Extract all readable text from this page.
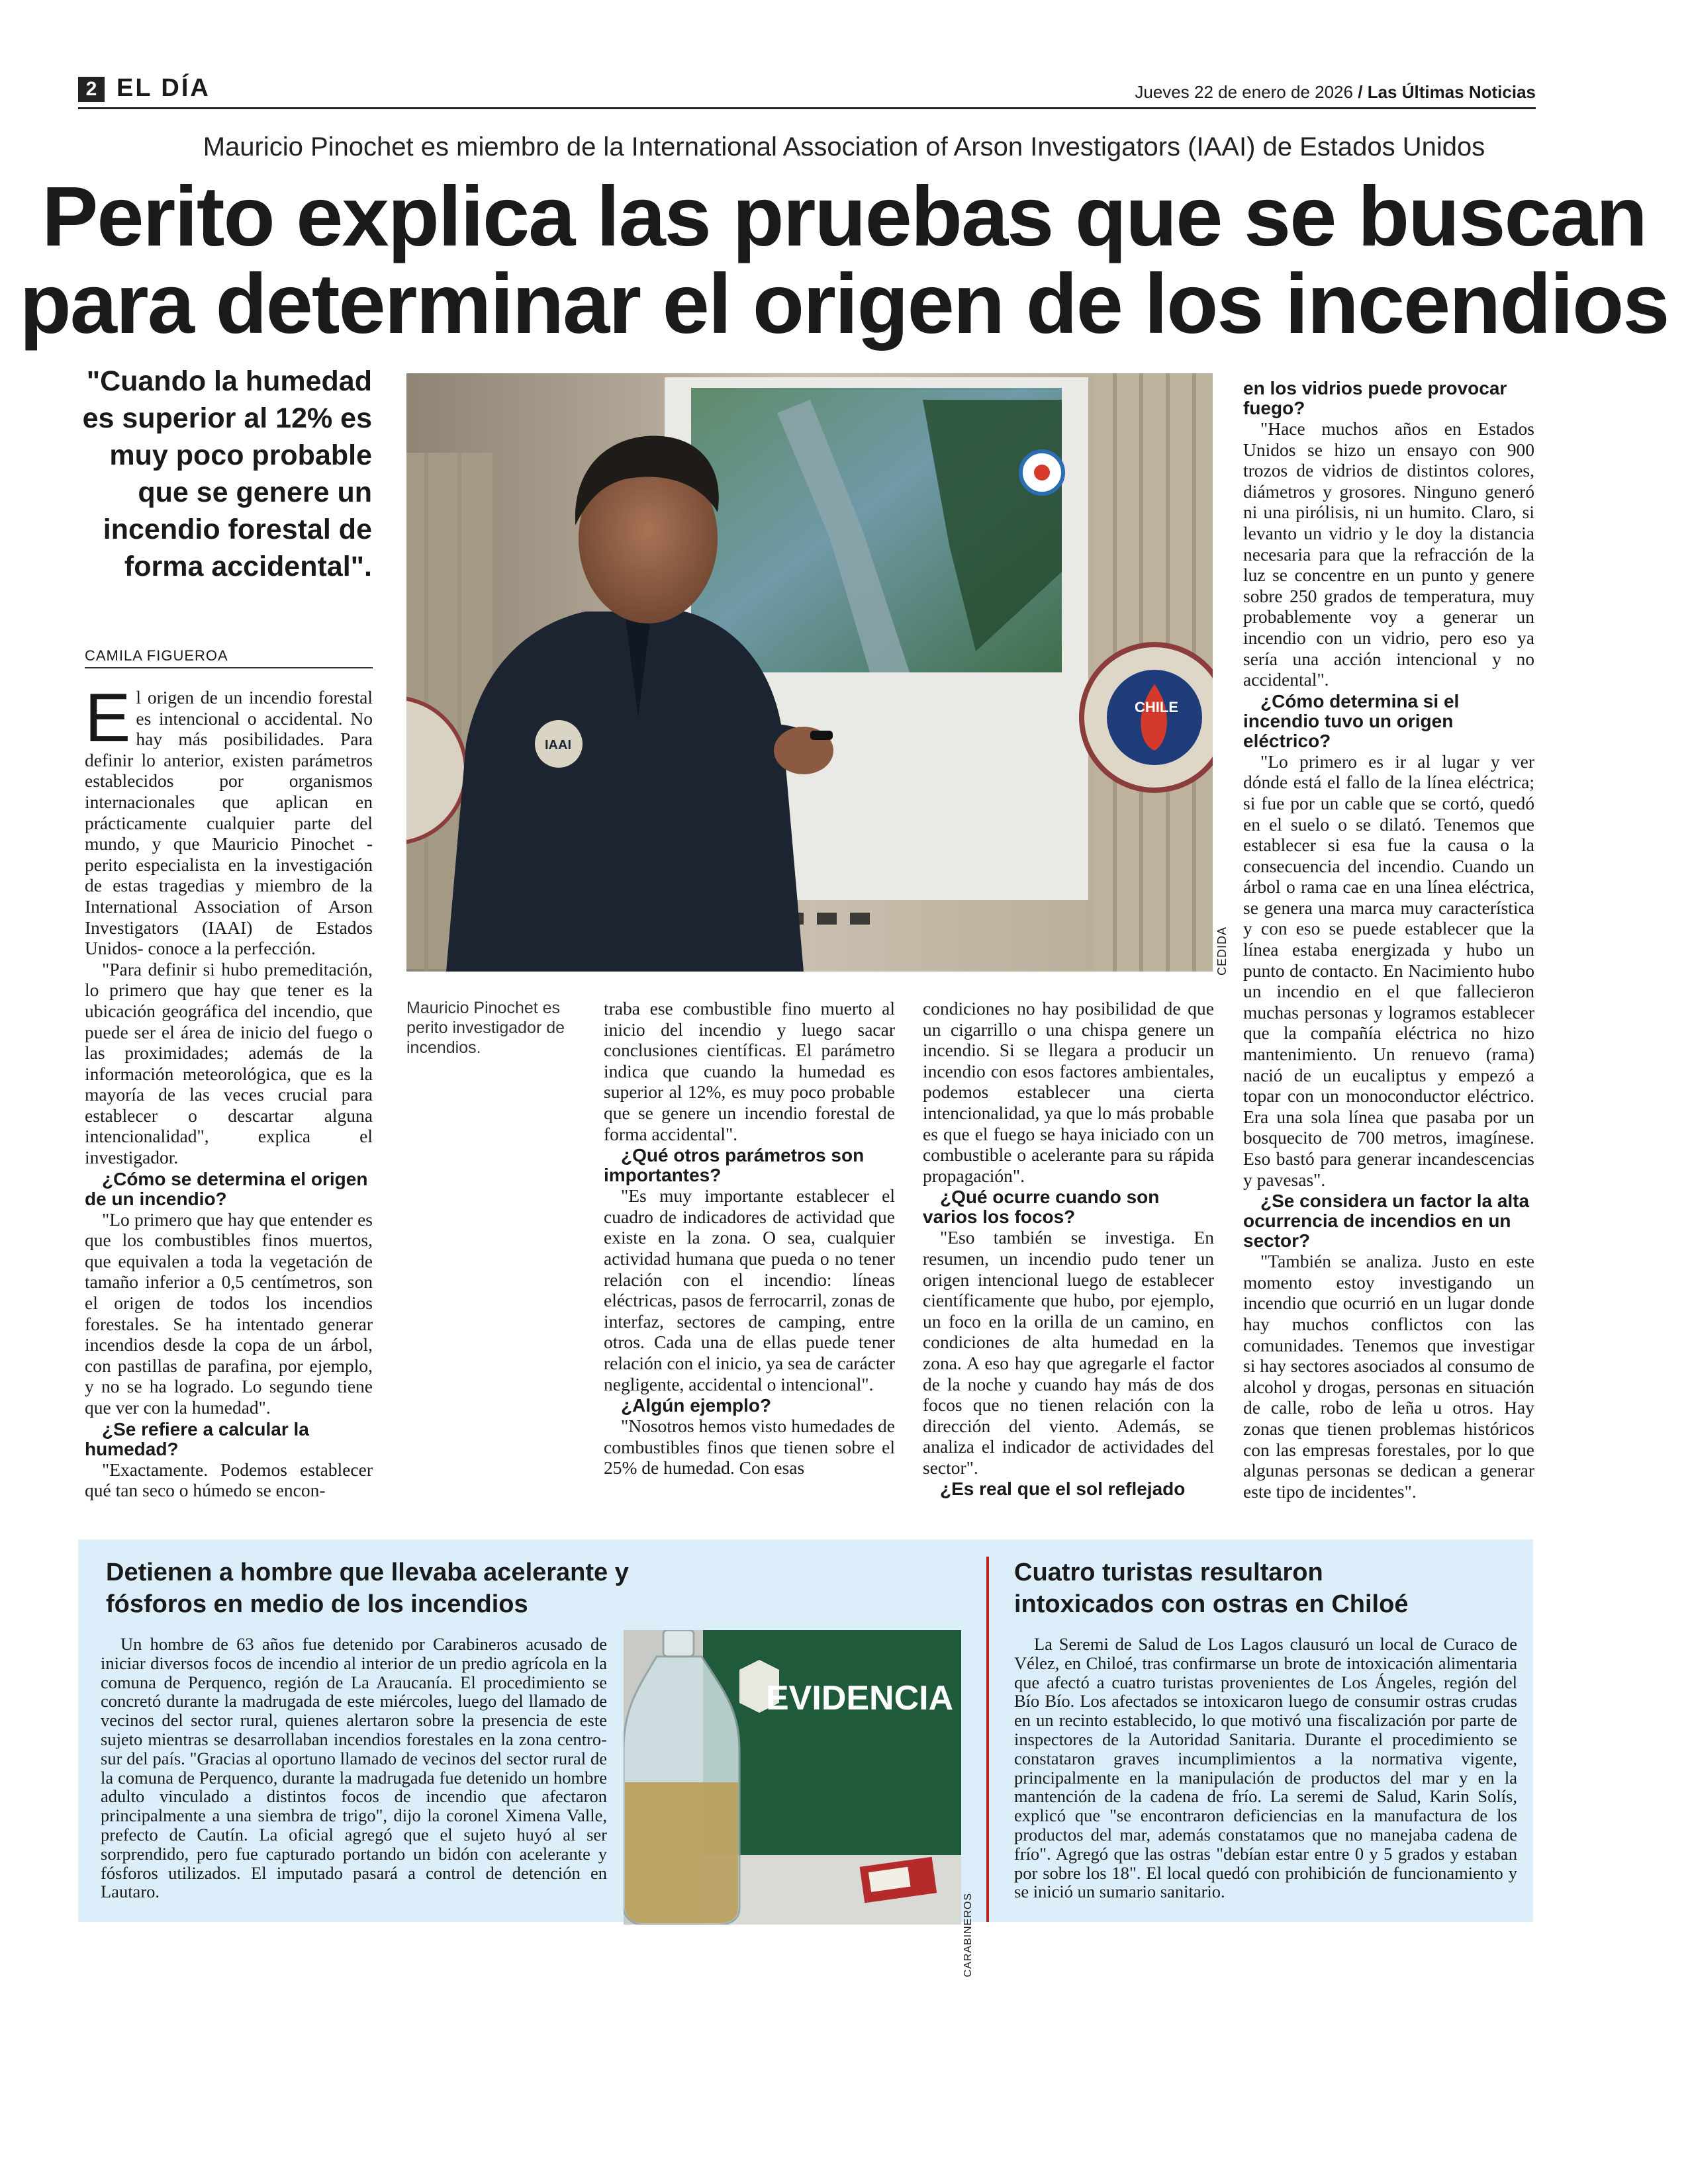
2 EL DÍA	Jueves 22 de enero de 2026 / Las Últimas Noticias
Mauricio Pinochet es miembro de la International Association of Arson Investigators (IAAI) de Estados Unidos
Perito explica las pruebas que se buscan
para determinar el origen de los incendios
"Cuando la humedad es superior al 12% es muy poco probable que se genere un incendio forestal de forma accidental".
CAMILA FIGUEROA

El origen de un incendio forestal es intencional o accidental. No hay más posibilidades. Para definir lo anterior, existen parámetros establecidos por organismos internacionales que aplican en prácticamente cualquier parte del mundo, y que Mauricio Pinochet -perito especialista en la investigación de estas tragedias y miembro de la International Association of Arson Investigators (IAAI) de Estados Unidos- conoce a la perfección.

"Para definir si hubo premeditación, lo primero que hay que tener es la ubicación geográfica del incendio, que puede ser el área de inicio del fuego o las proximidades; además de la información meteorológica, que es la mayoría de las veces crucial para establecer o descartar alguna intencionalidad", explica el investigador.

¿Cómo se determina el origen de un incendio?

"Lo primero que hay que entender es que los combustibles finos muertos, que equivalen a toda la vegetación de tamaño inferior a 0,5 centímetros, son el origen de todos los incendios forestales. Se ha intentado generar incendios desde la copa de un árbol, con pastillas de parafina, por ejemplo, y no se ha logrado. Lo segundo tiene que ver con la humedad".

¿Se refiere a calcular la humedad?

"Exactamente. Podemos establecer qué tan seco o húmedo se encon-

CHILE
IAAI
CEDIDA
Mauricio Pinochet es perito investigador de incendios.

traba ese combustible fino muerto al inicio del incendio y luego sacar conclusiones científicas. El parámetro indica que cuando la humedad es superior al 12%, es muy poco probable que se genere un incendio forestal de forma accidental".

¿Qué otros parámetros son importantes?

"Es muy importante establecer el cuadro de indicadores de actividad que existe en la zona. O sea, cualquier actividad humana que pueda o no tener relación con el incendio: líneas eléctricas, pasos de ferrocarril, zonas de interfaz, sectores de camping, entre otros. Cada una de ellas puede tener relación con el inicio, ya sea de carácter negligente, accidental o intencional".

¿Algún ejemplo?

"Nosotros hemos visto humedades de combustibles finos que tienen sobre el 25% de humedad. Con esas

condiciones no hay posibilidad de que un cigarrillo o una chispa genere un incendio. Si se llegara a producir un incendio con esos factores ambientales, podemos establecer una cierta intencionalidad, ya que lo más probable es que el fuego se haya iniciado con un combustible o acelerante para su rápida propagación".

¿Qué ocurre cuando son varios los focos?

"Eso también se investiga. En resumen, un incendio pudo tener un origen intencional luego de establecer científicamente que hubo, por ejemplo, un foco en la orilla de un camino, en condiciones de alta humedad en la zona. A eso hay que agregarle el factor de la noche y cuando hay más de dos focos que no tienen relación con la dirección del viento. Además, se analiza el indicador de actividades del sector".

¿Es real que el sol reflejado
en los vidrios puede provocar fuego?

"Hace muchos años en Estados Unidos se hizo un ensayo con 900 trozos de vidrios de distintos colores, diámetros y grosores. Ninguno generó ni una pirólisis, ni un humito. Claro, si levanto un vidrio y le doy la distancia necesaria para que la refracción de la luz se concentre en un punto y genere sobre 250 grados de temperatura, muy probablemente voy a generar un incendio con un vidrio, pero eso ya sería una acción intencional y no accidental".

¿Cómo determina si el incendio tuvo un origen eléctrico?

"Lo primero es ir al lugar y ver dónde está el fallo de la línea eléctrica; si fue por un cable que se cortó, quedó en el suelo o se dilató. Tenemos que establecer si esa fue la causa o la consecuencia del incendio. Cuando un árbol o rama cae en una línea eléctrica, se genera una marca muy característica y con eso se puede establecer que la línea estaba energizada y hubo un punto de contacto. En Nacimiento hubo un incendio en el que fallecieron muchas personas y logramos establecer que la compañía eléctrica no hizo mantenimiento. Un renuevo (rama) nació de un eucaliptus y empezó a topar con un monoconductor eléctrico. Era una sola línea que pasaba por un bosquecito de 700 metros, imagínese. Eso bastó para generar incandescencias y pavesas".

¿Se considera un factor la alta ocurrencia de incendios en un sector?

"También se analiza. Justo en este momento estoy investigando un incendio que ocurrió en un lugar donde hay muchos conflictos con las comunidades. Tenemos que investigar si hay sectores asociados al consumo de alcohol y drogas, personas en situación de calle, robo de leña u otros. Hay zonas que tienen problemas históricos con las empresas forestales, por lo que algunas personas se dedican a generar este tipo de incidentes".

Detienen a hombre que llevaba acelerante y
fósforos en medio de los incendios

Un hombre de 63 años fue detenido por Carabineros acusado de iniciar diversos focos de incendio al interior de un predio agrícola en la comuna de Perquenco, región de La Araucanía. El procedimiento se concretó durante la madrugada de este miércoles, luego del llamado de vecinos del sector rural, quienes alertaron sobre la presencia de este sujeto mientras se desarrollaban incendios forestales en la zona centro-sur del país. "Gracias al oportuno llamado de vecinos del sector rural de la comuna de Perquenco, durante la madrugada fue detenido un hombre adulto vinculado a distintos focos de incendio que afectaron principalmente a una siembra de trigo", dijo la coronel Ximena Valle, prefecto de Cautín. La oficial agregó que el sujeto huyó al ser sorprendido, pero fue capturado portando un bidón con acelerante y fósforos utilizados. El imputado pasará a control de detención en Lautaro.

EVIDENCIA
CARABINEROS
Cuatro turistas resultaron
intoxicados con ostras en Chiloé

La Seremi de Salud de Los Lagos clausuró un local de Curaco de Vélez, en Chiloé, tras confirmarse un brote de intoxicación alimentaria que afectó a cuatro turistas provenientes de Los Ángeles, región del Bío Bío. Los afectados se intoxicaron luego de consumir ostras crudas en un recinto establecido, lo que motivó una fiscalización por parte de inspectores de la Autoridad Sanitaria. Durante el procedimiento se constataron graves incumplimientos a la normativa vigente, principalmente en la manipulación de productos del mar y en la mantención de la cadena de frío. La seremi de Salud, Karin Solís, explicó que "se encontraron deficiencias en la manufactura de los productos del mar, además constatamos que no manejaba cadena de frío". Agregó que las ostras "debían estar entre 0 y 5 grados y estaban por sobre los 18". El local quedó con prohibición de funcionamiento y se inició un sumario sanitario.
